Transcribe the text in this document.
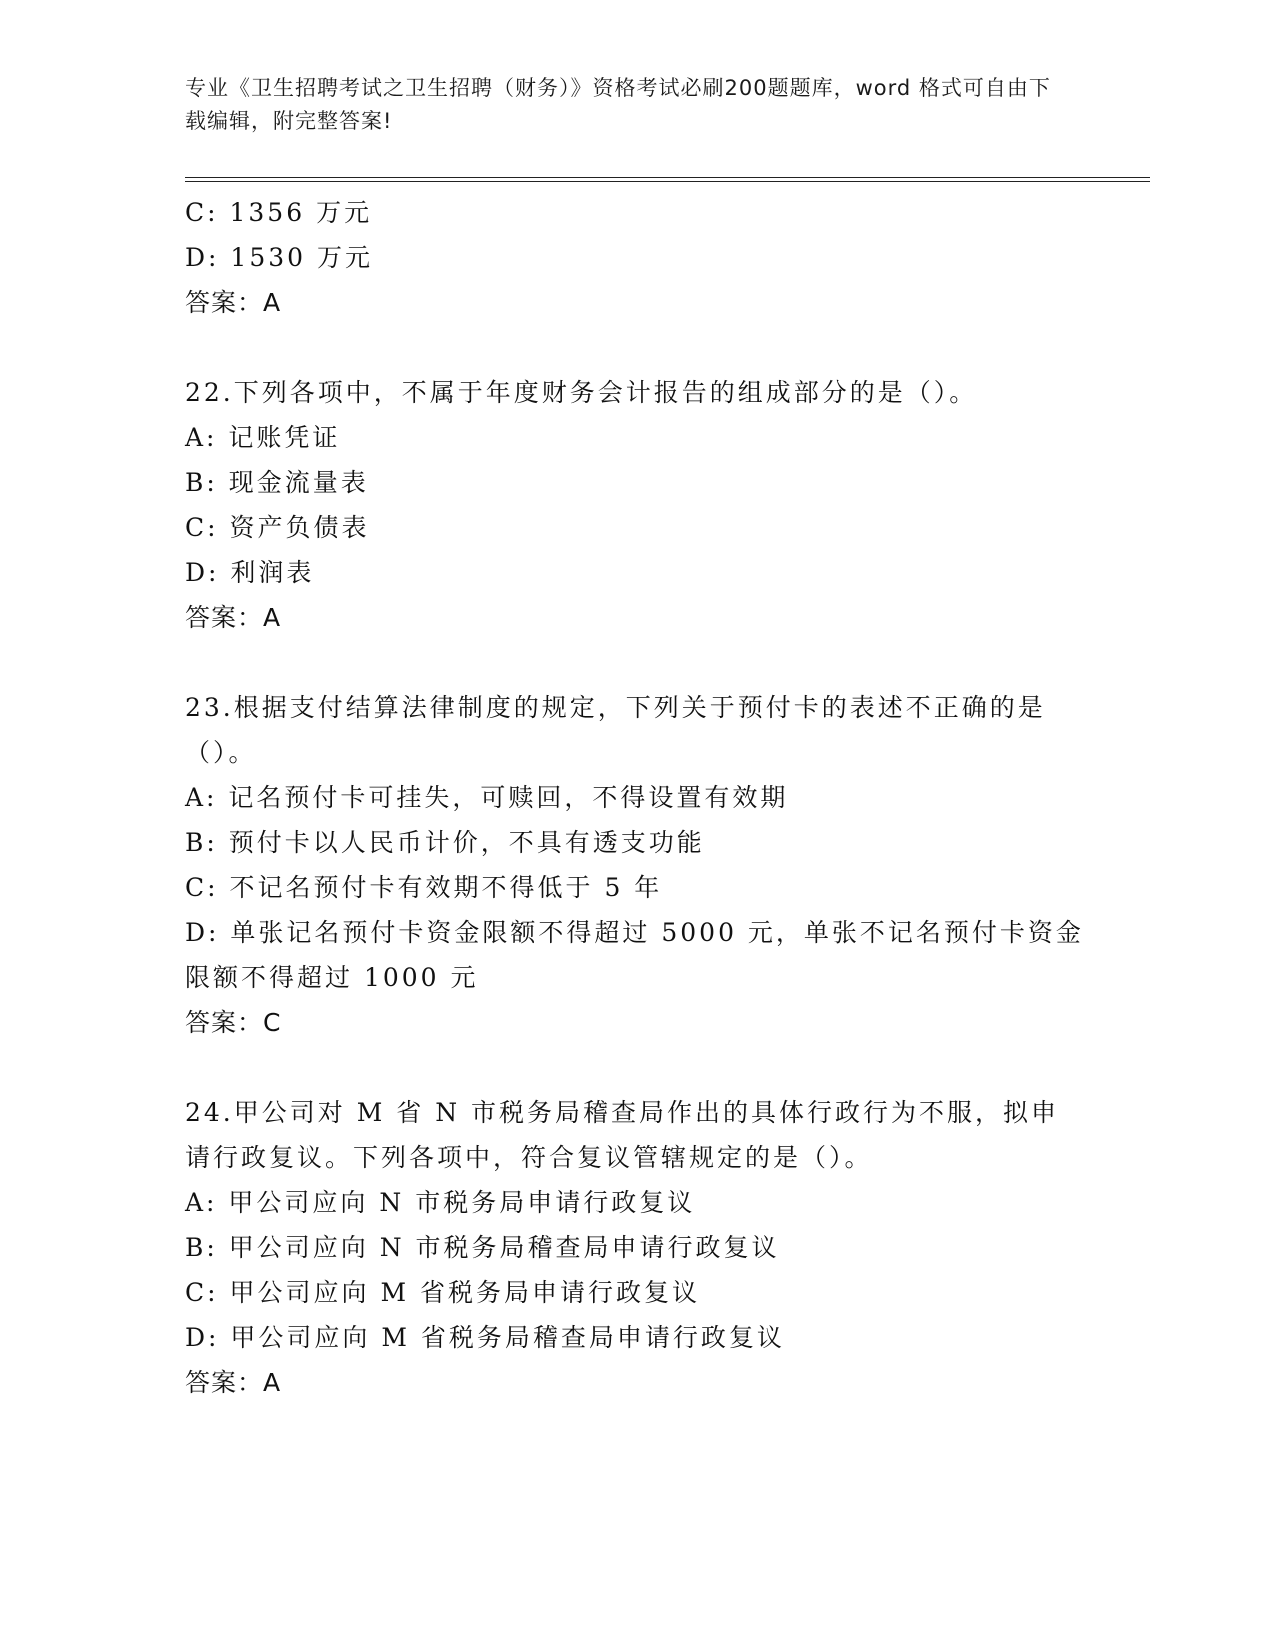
专业《卫生招聘考试之卫生招聘（财务）》资格考试必刷200题题库，word 格式可自由下载编辑，附完整答案!
C: 1356 万元
D: 1530 万元
答案：A
22.下列各项中，不属于年度财务会计报告的组成部分的是（）。
A: 记账凭证
B: 现金流量表
C: 资产负债表
D: 利润表
答案：A
23.根据支付结算法律制度的规定，下列关于预付卡的表述不正确的是（）。
A: 记名预付卡可挂失，可赎回，不得设置有效期
B: 预付卡以人民币计价，不具有透支功能
C: 不记名预付卡有效期不得低于 5 年
D: 单张记名预付卡资金限额不得超过 5000 元，单张不记名预付卡资金限额不得超过 1000 元
答案：C
24.甲公司对 M 省 N 市税务局稽查局作出的具体行政行为不服，拟申请行政复议。下列各项中，符合复议管辖规定的是（）。
A: 甲公司应向 N 市税务局申请行政复议
B: 甲公司应向 N 市税务局稽查局申请行政复议
C: 甲公司应向 M 省税务局申请行政复议
D: 甲公司应向 M 省税务局稽查局申请行政复议
答案：A
